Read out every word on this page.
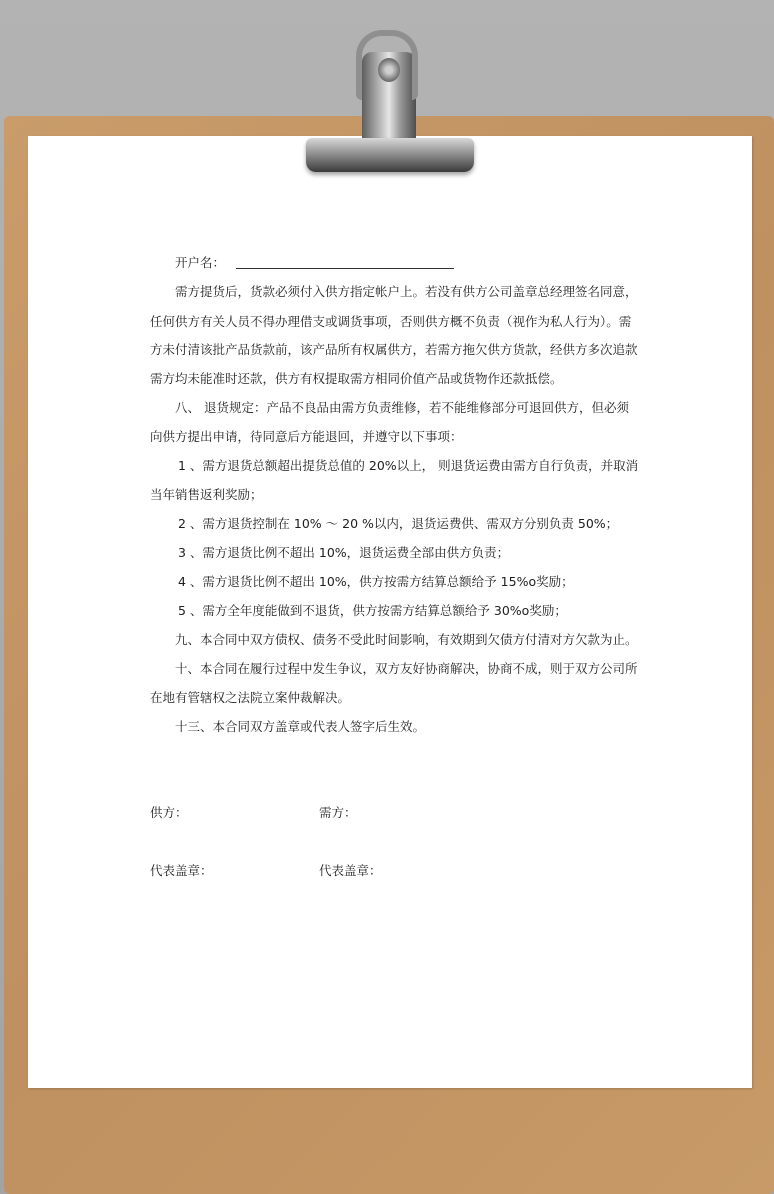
开户名：
需方提货后，货款必须付入供方指定帐户上。若没有供方公司盖章总经理签名同意，
任何供方有关人员不得办理借支或调货事项，否则供方概不负责（视作为私人行为）。需
方未付清该批产品货款前，该产品所有权属供方，若需方拖欠供方货款，经供方多次追款
需方均未能准时还款，供方有权提取需方相同价值产品或货物作还款抵偿。
八、 退货规定：产品不良品由需方负责维修，若不能维修部分可退回供方，但必须
向供方提出申请，待同意后方能退回，并遵守以下事项：
1 、需方退货总额超出提货总值的 20%以上， 则退货运费由需方自行负责，并取消
当年销售返利奖励；
2 、需方退货控制在 10% ～ 20 %以内，退货运费供、需双方分别负责 50%；
3 、需方退货比例不超出 10%，退货运费全部由供方负责；
4 、需方退货比例不超出 10%，供方按需方结算总额给予 15%o奖励；
5 、需方全年度能做到不退货，供方按需方结算总额给予 30%o奖励；
九、本合同中双方债权、债务不受此时间影响，有效期到欠债方付清对方欠款为止。
十、本合同在履行过程中发生争议，双方友好协商解决，协商不成，则于双方公司所
在地有管辖权之法院立案仲裁解决。
十三、本合同双方盖章或代表人签字后生效。
供方：	需方：
代表盖章：	代表盖章：
